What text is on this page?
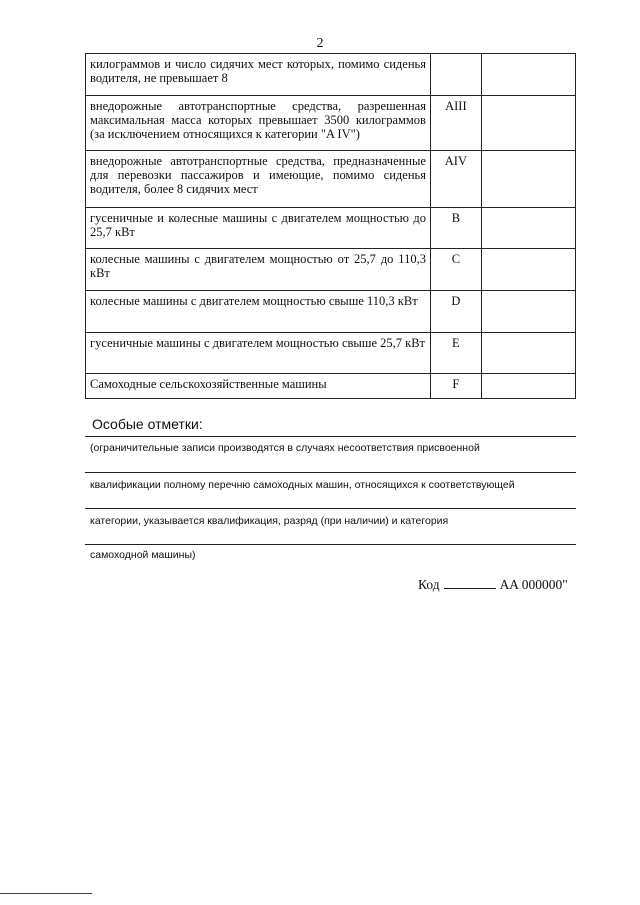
2
килограммов и число сидячих мест которых, помимо сиденья водителя, не превышает 8		
внедорожные автотранспортные средства, разрешенная максимальная масса которых превышает 3500 килограммов (за исключением относящихся к категории "A IV")	AIII	
внедорожные автотранспортные средства, предназначенные для перевозки пассажиров и имеющие, помимо сиденья водителя, более 8 сидячих мест	AIV	
гусеничные и колесные машины с двигателем мощностью до 25,7 кВт	B	
колесные машины с двигателем мощностью от 25,7 до 110,3 кВт	C	
колесные машины с двигателем мощностью свыше 110,3 кВт	D	
гусеничные машины с двигателем мощностью свыше 25,7 кВт	E	
Самоходные сельскохозяйственные машины	F	
Особые отметки:
(ограничительные записи производятся в случаях несоответствия присвоенной
квалификации полному перечню самоходных машин, относящихся к соответствующей
категории, указывается квалификация, разряд (при наличии) и категория
самоходной машины)
Код	AA 000000"
